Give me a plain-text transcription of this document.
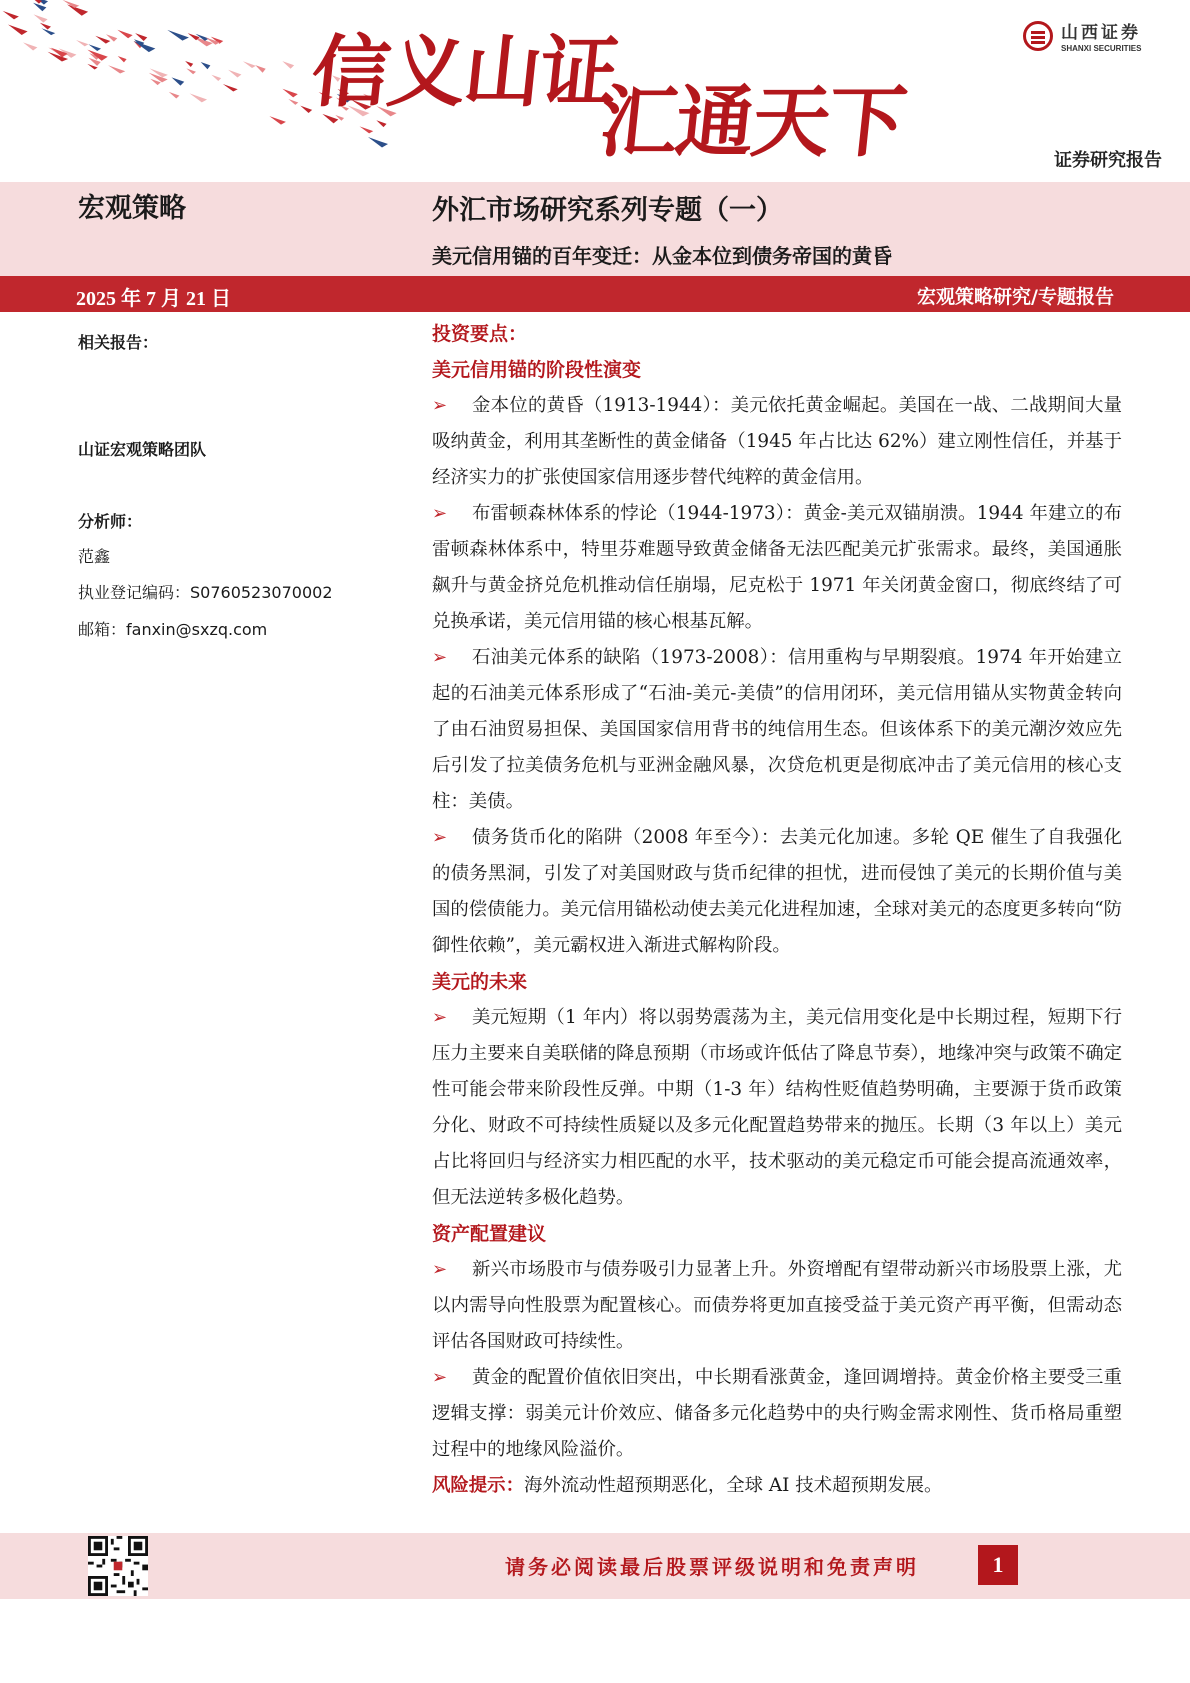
信义山证
汇通天下
山西证券
SHANXI SECURITIES
证券研究报告
宏观策略	外汇市场研究系列专题（一）
美元信用锚的百年变迁：从金本位到债务帝国的黄昏
2025 年 7 月 21 日	宏观策略研究/专题报告
相关报告：
山证宏观策略团队
分析师：
范鑫
执业登记编码：S0760523070002
邮箱：fanxin@sxzq.com
投资要点：
美元信用锚的阶段性演变
➢ 金本位的黄昏（1913-1944）：美元依托黄金崛起。美国在一战、二战期间大量吸纳黄金，利用其垄断性的黄金储备（1945 年占比达 62%）建立刚性信任，并基于经济实力的扩张使国家信用逐步替代纯粹的黄金信用。
➢ 布雷顿森林体系的悖论（1944-1973）：黄金-美元双锚崩溃。1944 年建立的布雷顿森林体系中，特里芬难题导致黄金储备无法匹配美元扩张需求。最终，美国通胀飙升与黄金挤兑危机推动信任崩塌，尼克松于 1971 年关闭黄金窗口，彻底终结了可兑换承诺，美元信用锚的核心根基瓦解。
➢ 石油美元体系的缺陷（1973-2008）：信用重构与早期裂痕。1974 年开始建立起的石油美元体系形成了“石油-美元-美债”的信用闭环，美元信用锚从实物黄金转向了由石油贸易担保、美国国家信用背书的纯信用生态。但该体系下的美元潮汐效应先后引发了拉美债务危机与亚洲金融风暴，次贷危机更是彻底冲击了美元信用的核心支柱：美债。
➢ 债务货币化的陷阱（2008 年至今）：去美元化加速。多轮 QE 催生了自我强化的债务黑洞，引发了对美国财政与货币纪律的担忧，进而侵蚀了美元的长期价值与美国的偿债能力。美元信用锚松动使去美元化进程加速，全球对美元的态度更多转向“防御性依赖”，美元霸权进入渐进式解构阶段。
美元的未来
➢ 美元短期（1 年内）将以弱势震荡为主，美元信用变化是中长期过程，短期下行压力主要来自美联储的降息预期（市场或许低估了降息节奏），地缘冲突与政策不确定性可能会带来阶段性反弹。中期（1-3 年）结构性贬值趋势明确，主要源于货币政策分化、财政不可持续性质疑以及多元化配置趋势带来的抛压。长期（3 年以上）美元占比将回归与经济实力相匹配的水平，技术驱动的美元稳定币可能会提高流通效率，但无法逆转多极化趋势。
资产配置建议
➢ 新兴市场股市与债券吸引力显著上升。外资增配有望带动新兴市场股票上涨，尤以内需导向性股票为配置核心。而债券将更加直接受益于美元资产再平衡，但需动态评估各国财政可持续性。
➢ 黄金的配置价值依旧突出，中长期看涨黄金，逢回调增持。黄金价格主要受三重逻辑支撑：弱美元计价效应、储备多元化趋势中的央行购金需求刚性、货币格局重塑过程中的地缘风险溢价。
风险提示：海外流动性超预期恶化，全球 AI 技术超预期发展。
请务必阅读最后股票评级说明和免责声明	1
